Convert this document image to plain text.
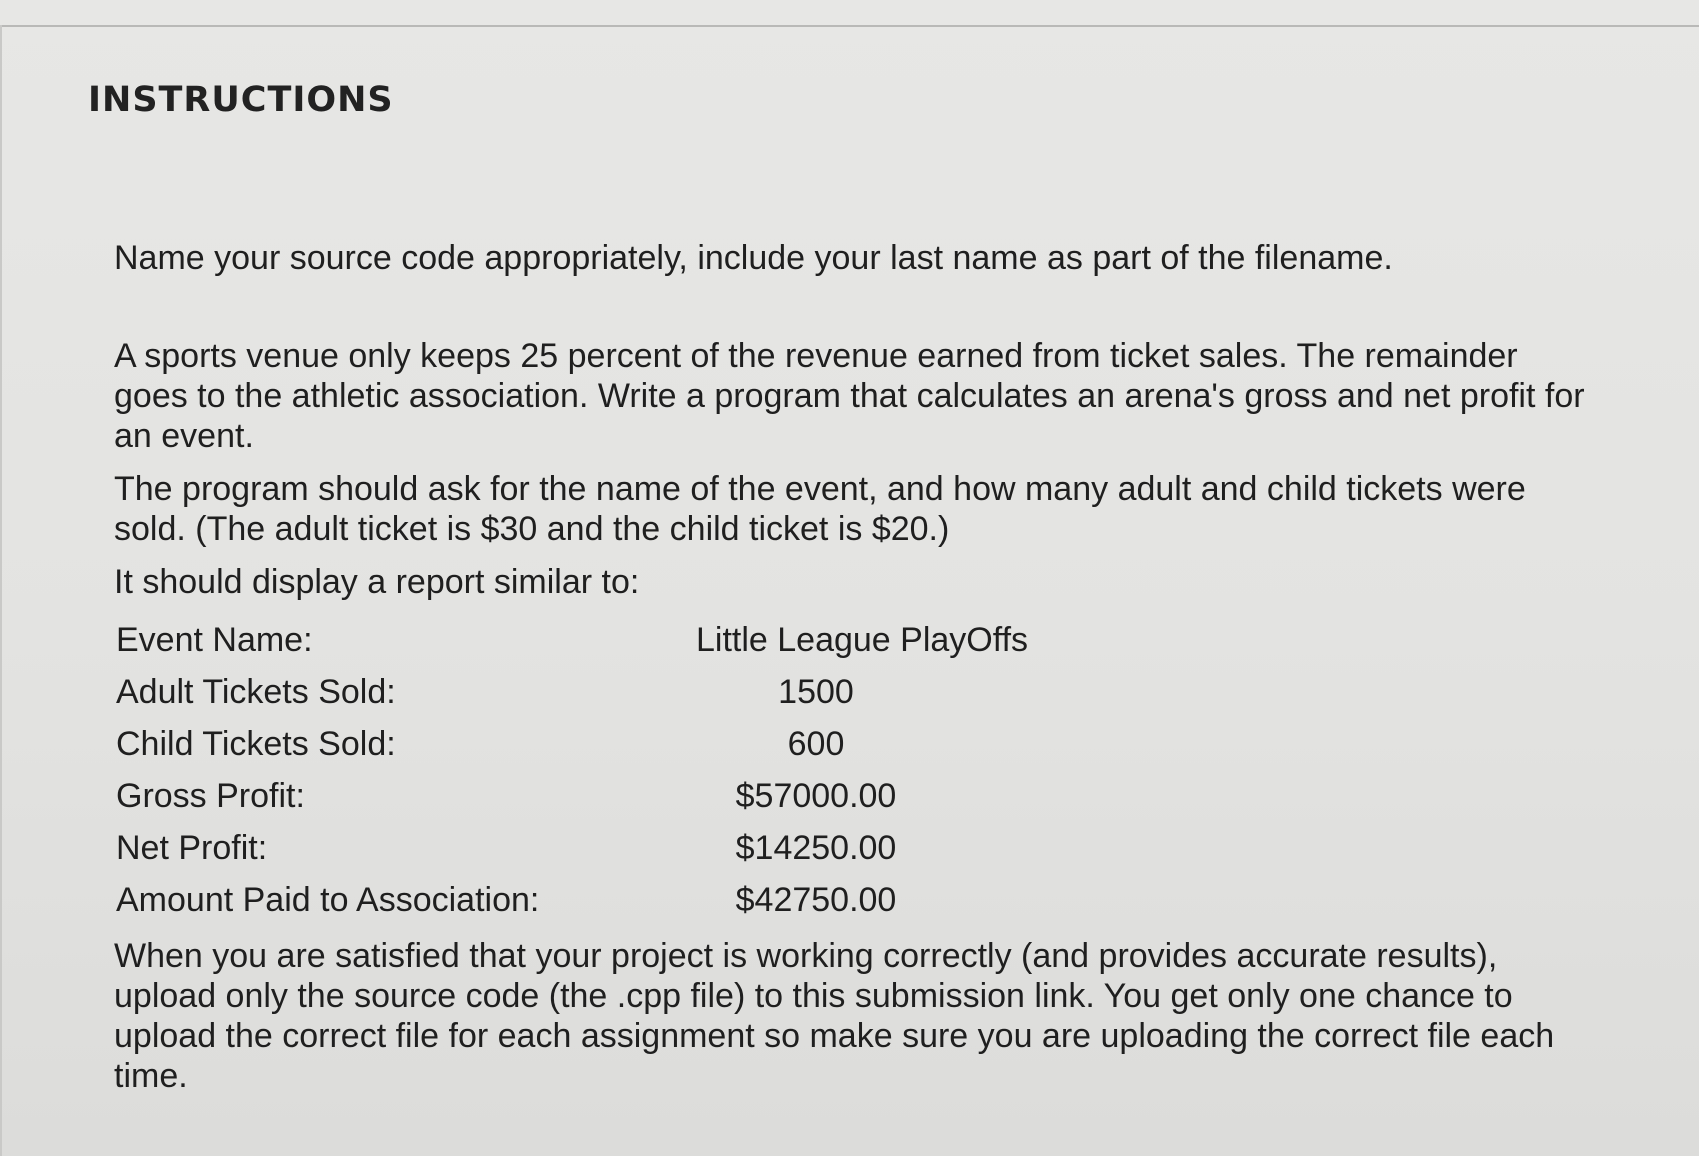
INSTRUCTIONS

Name your source code appropriately, include your last name as part of the filename.

A sports venue only keeps 25 percent of the revenue earned from ticket sales. The remainder goes to the athletic association. Write a program that calculates an arena's gross and net profit for an event.

The program should ask for the name of the event, and how many adult and child tickets were sold. (The adult ticket is $30 and the child ticket is $20.)

It should display a report similar to:

Event Name:	Little League PlayOffs
Adult Tickets Sold:	1500
Child Tickets Sold:	600
Gross Profit:	$57000.00
Net Profit:	$14250.00
Amount Paid to Association:	$42750.00

When you are satisfied that your project is working correctly (and provides accurate results), upload only the source code (the .cpp file) to this submission link. You get only one chance to upload the correct file for each assignment so make sure you are uploading the correct file each time.
